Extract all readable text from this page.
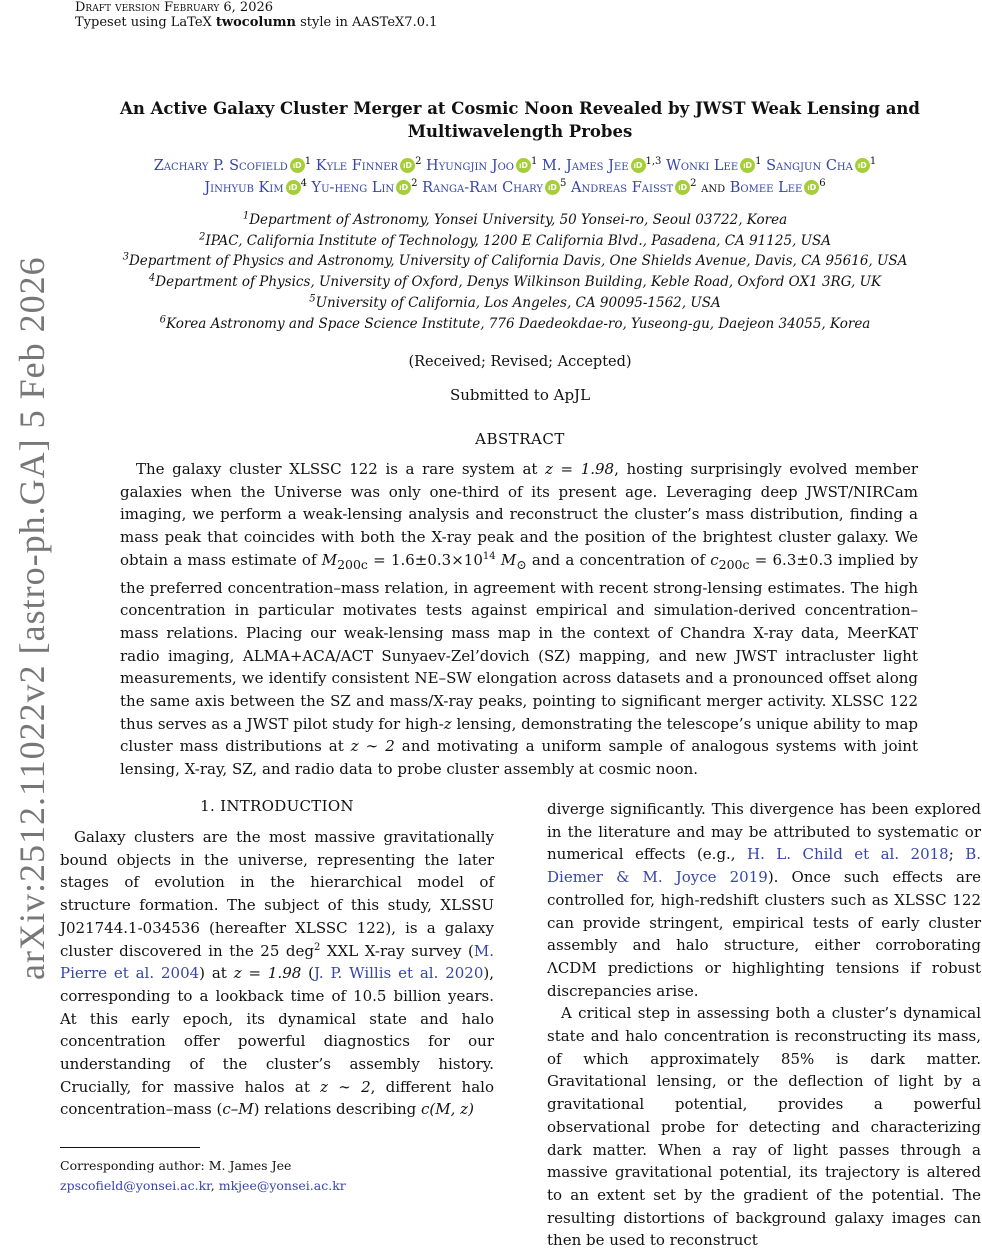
Draft version February 6, 2026
Typeset using LaTeX twocolumn style in AASTeX7.0.1
arXiv:2512.11022v2 [astro-ph.GA] 5 Feb 2026
An Active Galaxy Cluster Merger at Cosmic Noon Revealed by JWST Weak Lensing and
Multiwavelength Probes
Zachary P. Scofield iD $^1$ Kyle Finner iD $^2$ Hyungjin Joo iD $^1$ M. James Jee iD $^{1,3}$ Wonki Lee iD $^1$ Sangjun Cha iD $^1$
Jinhyub Kim iD $^4$ Yu-heng Lin iD $^2$ Ranga-Ram Chary iD $^5$ Andreas Faisst iD $^2$ and Bomee Lee iD $^6$
$^1$Department of Astronomy, Yonsei University, 50 Yonsei-ro, Seoul 03722, Korea
$^2$IPAC, California Institute of Technology, 1200 E California Blvd., Pasadena, CA 91125, USA
$^3$Department of Physics and Astronomy, University of California Davis, One Shields Avenue, Davis, CA 95616, USA
$^4$Department of Physics, University of Oxford, Denys Wilkinson Building, Keble Road, Oxford OX1 3RG, UK
$^5$University of California, Los Angeles, CA 90095-1562, USA
$^6$Korea Astronomy and Space Science Institute, 776 Daedeokdae-ro, Yuseong-gu, Daejeon 34055, Korea
(Received; Revised; Accepted)
Submitted to ApJL
ABSTRACT

The galaxy cluster XLSSC 122 is a rare system at z = 1.98, hosting surprisingly evolved member galaxies when the Universe was only one-third of its present age. Leveraging deep JWST/NIRCam imaging, we perform a weak-lensing analysis and reconstruct the cluster’s mass distribution, finding a mass peak that coincides with both the X-ray peak and the position of the brightest cluster galaxy. We obtain a mass estimate of $M_{200c} = 1.6\pm 0.3\times 10^{14}$ $M_⊙$ and a concentration of $c_{200c} = 6.3\pm 0.3$ implied by the preferred concentration–mass relation, in agreement with recent strong-lensing estimates. The high concentration in particular motivates tests against empirical and simulation-derived concentration–mass relations. Placing our weak-lensing mass map in the context of Chandra X-ray data, MeerKAT radio imaging, ALMA+ACA/ACT Sunyaev-Zel’dovich (SZ) mapping, and new JWST intracluster light measurements, we identify consistent NE–SW elongation across datasets and a pronounced offset along the same axis between the SZ and mass/X-ray peaks, pointing to significant merger activity. XLSSC 122 thus serves as a JWST pilot study for high-z lensing, demonstrating the telescope’s unique ability to map cluster mass distributions at z ∼ 2 and motivating a uniform sample of analogous systems with joint lensing, X-ray, SZ, and radio data to probe cluster assembly at cosmic noon.

1. INTRODUCTION

Galaxy clusters are the most massive gravitationally bound objects in the universe, representing the later stages of evolution in the hierarchical model of structure formation. The subject of this study, XLSSU J021744.1-034536 (hereafter XLSSC 122), is a galaxy cluster discovered in the 25 deg$^2$ XXL X-ray survey (M. Pierre et al. 2004) at z = 1.98 (J. P. Willis et al. 2020), corresponding to a lookback time of 10.5 billion years. At this early epoch, its dynamical state and halo concentration offer powerful diagnostics for our understanding of the cluster’s assembly history. Crucially, for massive halos at z ∼ 2, different halo concentration–mass (c–M) relations describing c(M, z)

diverge significantly. This divergence has been explored in the literature and may be attributed to systematic or numerical effects (e.g., H. L. Child et al. 2018; B. Diemer & M. Joyce 2019). Once such effects are controlled for, high-redshift clusters such as XLSSC 122 can provide stringent, empirical tests of early cluster assembly and halo structure, either corroborating ΛCDM predictions or highlighting tensions if robust discrepancies arise.

A critical step in assessing both a cluster’s dynamical state and halo concentration is reconstructing its mass, of which approximately 85% is dark matter. Gravitational lensing, or the deflection of light by a gravitational potential, provides a powerful observational probe for detecting and characterizing dark matter. When a ray of light passes through a massive gravitational potential, its trajectory is altered to an extent set by the gradient of the potential. The resulting distortions of background galaxy images can then be used to reconstruct

Corresponding author: M. James Jee
zpscofield@yonsei.ac.kr, mkjee@yonsei.ac.kr
